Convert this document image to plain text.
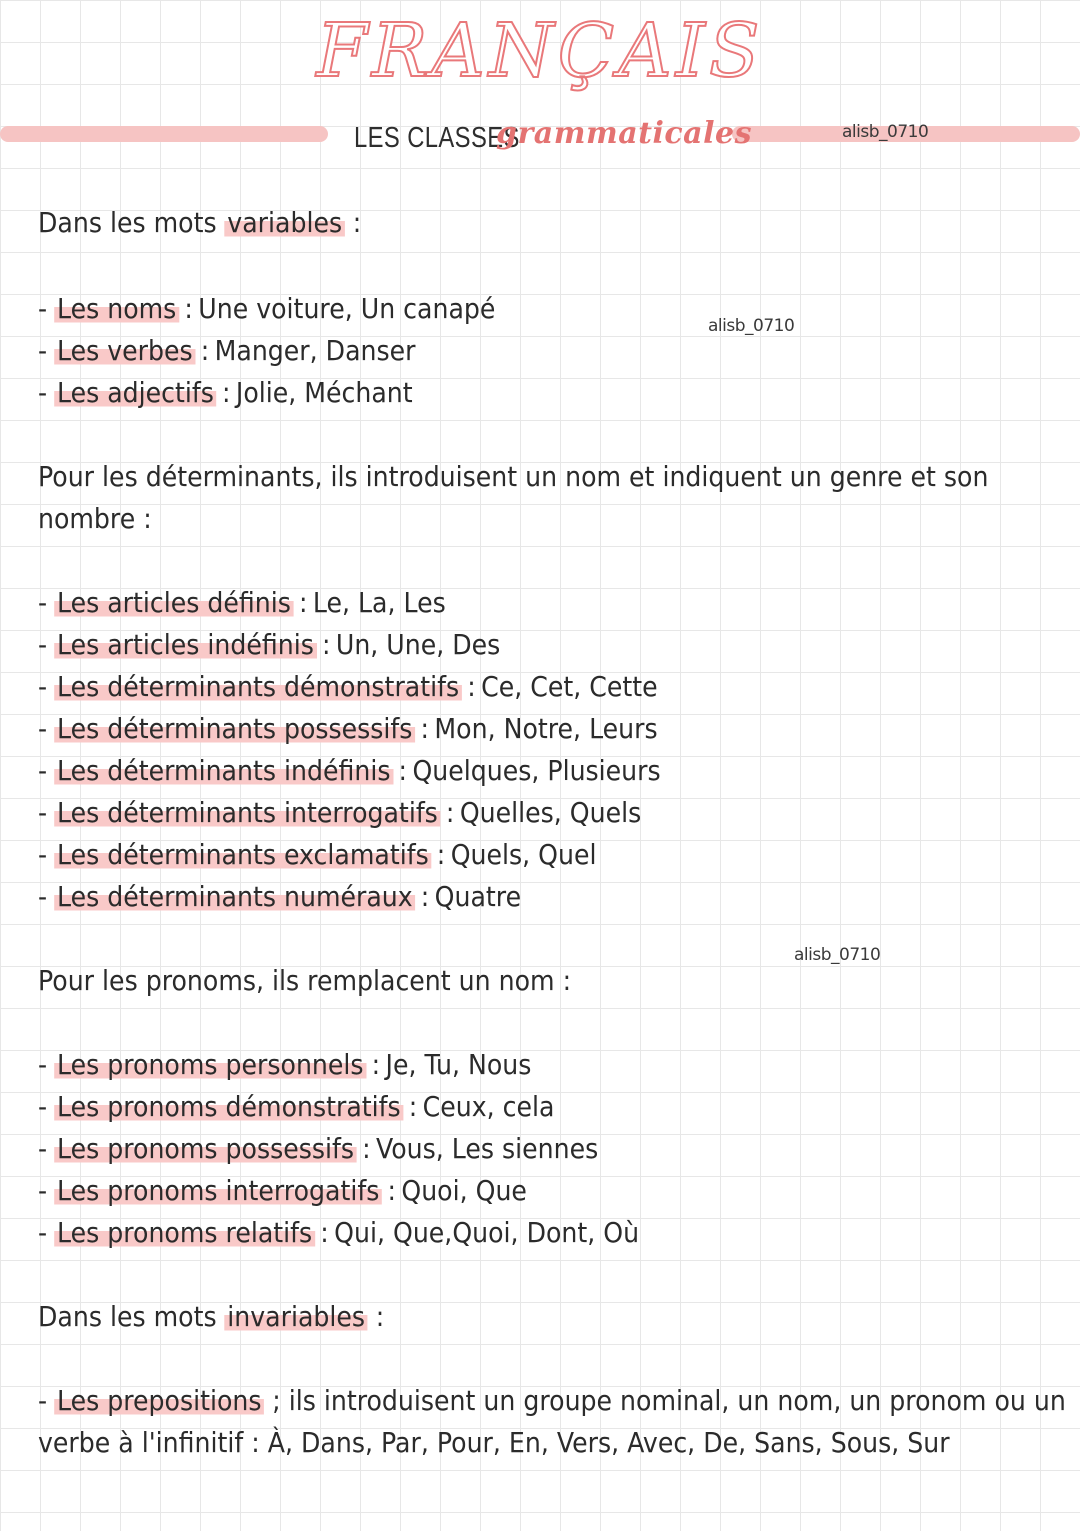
FRANÇAIS
LES CLASSES
grammaticales	alisb_0710
alisb_0710
alisb_0710
Dans les mots variables :
- Les noms : Une voiture, Un canapé
- Les verbes : Manger, Danser
- Les adjectifs : Jolie, Méchant
Pour les déterminants, ils introduisent un nom et indiquent un genre et son
nombre :
- Les articles définis : Le, La, Les
- Les articles indéfinis : Un, Une, Des
- Les déterminants démonstratifs : Ce, Cet, Cette
- Les déterminants possessifs : Mon, Notre, Leurs
- Les déterminants indéfinis : Quelques, Plusieurs
- Les déterminants interrogatifs : Quelles, Quels
- Les déterminants exclamatifs : Quels, Quel
- Les déterminants numéraux : Quatre
Pour les pronoms, ils remplacent un nom :
- Les pronoms personnels : Je, Tu, Nous
- Les pronoms démonstratifs : Ceux, cela
- Les pronoms possessifs : Vous, Les siennes
- Les pronoms interrogatifs : Quoi, Que
- Les pronoms relatifs : Qui, Que,Quoi, Dont, Où
Dans les mots invariables :
- Les prepositions ; ils introduisent un groupe nominal, un nom, un pronom ou un
verbe à l'infinitif : À, Dans, Par, Pour, En, Vers, Avec, De, Sans, Sous, Sur
